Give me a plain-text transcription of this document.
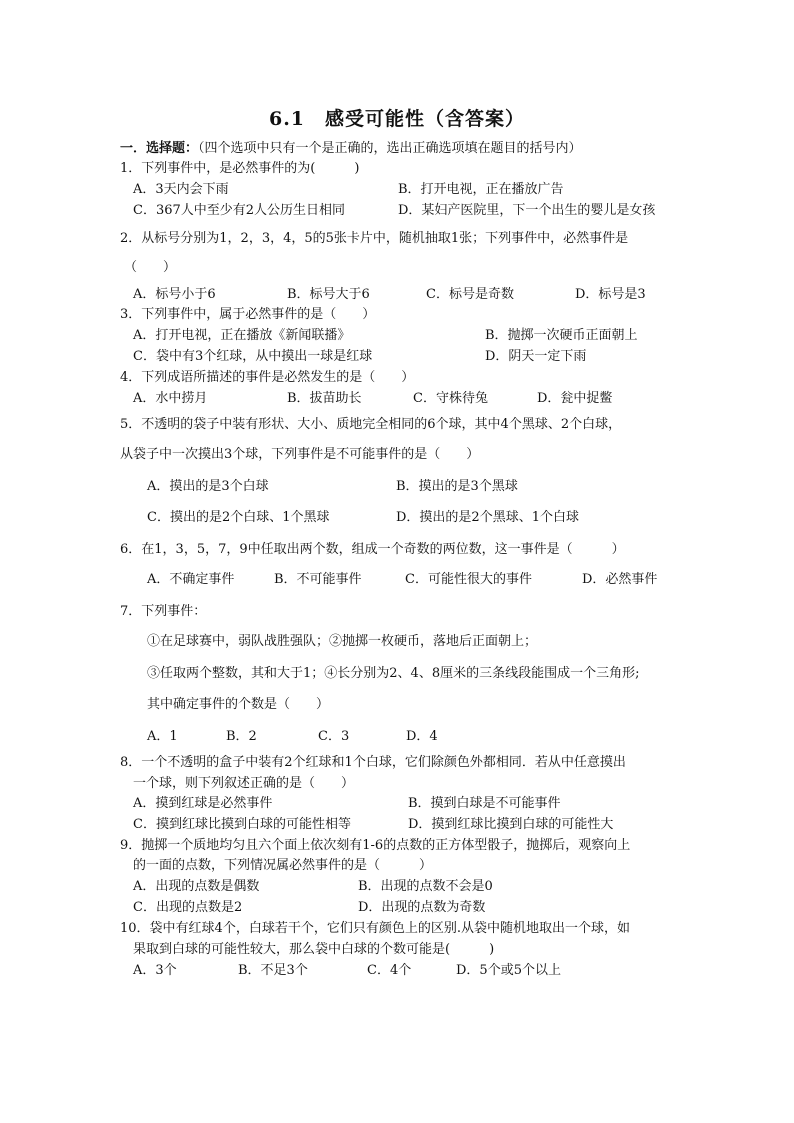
6.1　感受可能性（含答案）
一．选择题：（四个选项中只有一个是正确的，选出正确选项填在题目的括号内）
1．下列事件中，是必然事件的为(　　　)
A．3天内会下雨	B．打开电视，正在播放广告
C．367人中至少有2人公历生日相同	D．某妇产医院里，下一个出生的婴儿是女孩
2．从标号分别为1，2，3，4，5的5张卡片中，随机抽取1张；下列事件中，必然事件是
（　　）
A．标号小于6	B．标号大于6	C．标号是奇数	D．标号是3
3．下列事件中，属于必然事件的是（　　）
A．打开电视，正在播放《新闻联播》	B．抛掷一次硬币正面朝上
C．袋中有3个红球，从中摸出一球是红球	D．阴天一定下雨
4．下列成语所描述的事件是必然发生的是（　　）
A．水中捞月	B．拔苗助长	C．守株待兔	D．瓮中捉鳖
5．不透明的袋子中装有形状、大小、质地完全相同的6个球，其中4个黑球、2个白球，
从袋子中一次摸出3个球，下列事件是不可能事件的是（　　）
A．摸出的是3个白球	B．摸出的是3个黑球
C．摸出的是2个白球、1个黑球	D．摸出的是2个黑球、1个白球
6．在1，3，5，7，9中任取出两个数，组成一个奇数的两位数，这一事件是（　　　）
A．不确定事件	B．不可能事件	C．可能性很大的事件	D．必然事件
7．下列事件：
①在足球赛中，弱队战胜强队；②抛掷一枚硬币，落地后正面朝上；
③任取两个整数，其和大于1；④长分别为2、4、8厘米的三条线段能围成一个三角形;
其中确定事件的个数是（　　）
A．1	B．2	C．3	D．4
8．一个不透明的盒子中装有2个红球和1个白球，它们除颜色外都相同．若从中任意摸出
一个球，则下列叙述正确的是（　　）
A．摸到红球是必然事件	B．摸到白球是不可能事件
C．摸到红球比摸到白球的可能性相等	D．摸到红球比摸到白球的可能性大
9．抛掷一个质地均匀且六个面上依次刻有1-6的点数的正方体型骰子，抛掷后，观察向上
的一面的点数，下列情况属必然事件的是（　　　）
A．出现的点数是偶数	B．出现的点数不会是0
C．出现的点数是2	D．出现的点数为奇数
10．袋中有红球4个，白球若干个，它们只有颜色上的区别.从袋中随机地取出一个球，如
果取到白球的可能性较大，那么袋中白球的个数可能是(　　　)
A．3个	B．不足3个	C．4个	D．5个或5个以上
